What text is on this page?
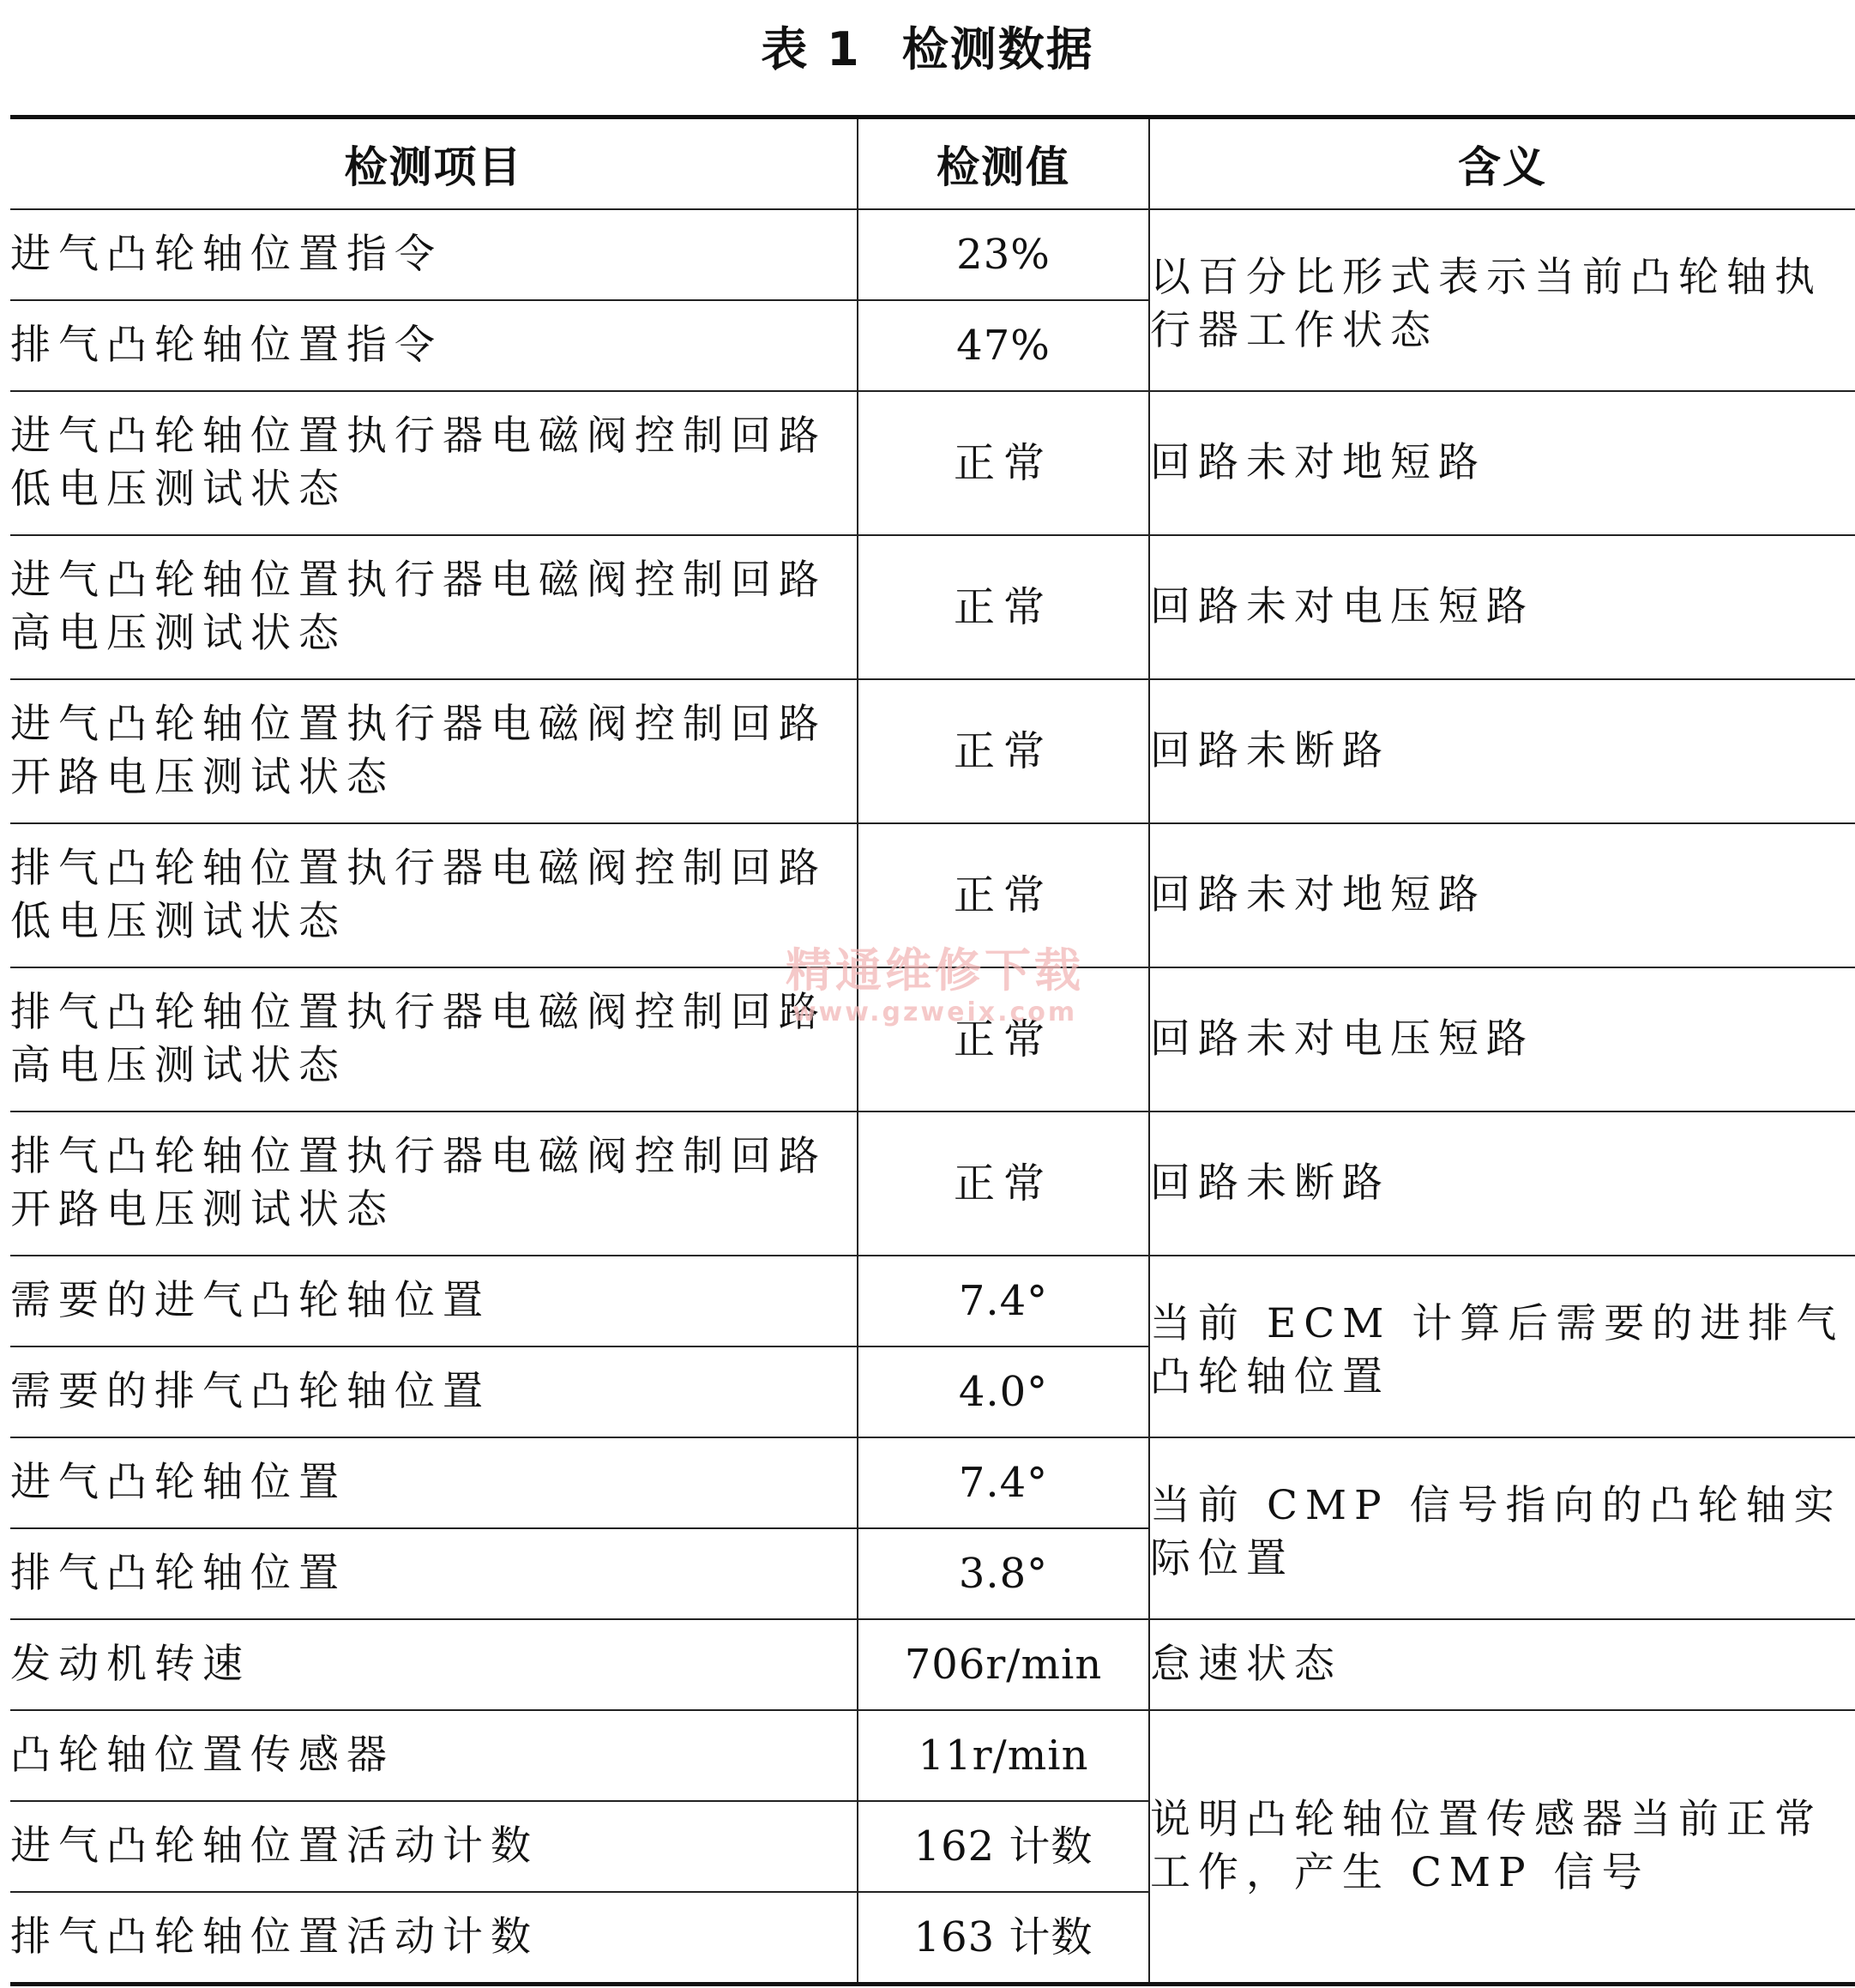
表 1 检测数据
检测项目	检测值	含义
进气凸轮轴位置指令	23%	以百分比形式表示当前凸轮轴执行器工作状态
排气凸轮轴位置指令	47%	
进气凸轮轴位置执行器电磁阀控制回路低电压测试状态	正常	回路未对地短路
进气凸轮轴位置执行器电磁阀控制回路高电压测试状态	正常	回路未对电压短路
进气凸轮轴位置执行器电磁阀控制回路开路电压测试状态	正常	回路未断路
排气凸轮轴位置执行器电磁阀控制回路低电压测试状态	正常	回路未对地短路
排气凸轮轴位置执行器电磁阀控制回路高电压测试状态	正常	回路未对电压短路
排气凸轮轴位置执行器电磁阀控制回路开路电压测试状态	正常	回路未断路
需要的进气凸轮轴位置	7.4°	当前 ECM 计算后需要的进排气凸轮轴位置
需要的排气凸轮轴位置	4.0°	
进气凸轮轴位置	7.4°	当前 CMP 信号指向的凸轮轴实际位置
排气凸轮轴位置	3.8°	
发动机转速	706r/min	怠速状态
凸轮轴位置传感器	11r/min	说明凸轮轴位置传感器当前正常工作，产生 CMP 信号
进气凸轮轴位置活动计数	162 计数	
排气凸轮轴位置活动计数	163 计数	
精通维修下载
www.gzweix.com
